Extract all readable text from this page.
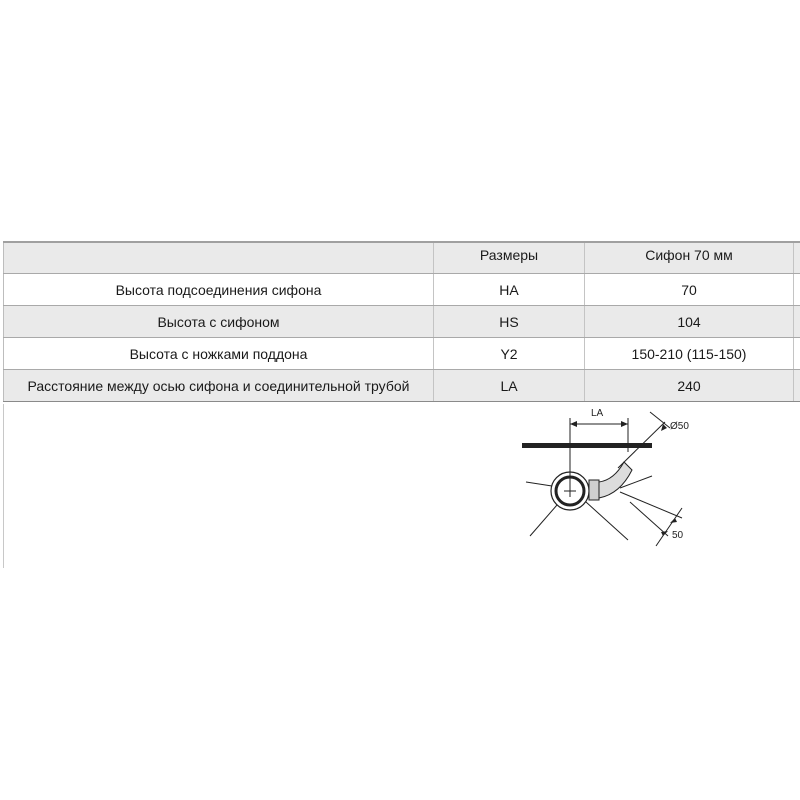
	Размеры	Сифон 70 мм	
Высота подсоединения сифона	HA	70	
Высота с сифоном	HS	104	
Высота с ножками поддона	Y2	150-210 (115-150)	
Расстояние между осью сифона и соединительной трубой	LA	240	
LA
Ø50
50
